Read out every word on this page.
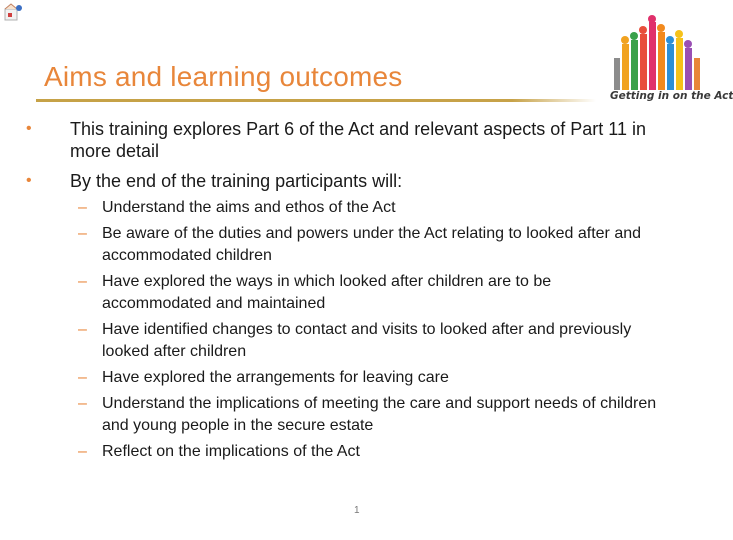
Aims and learning outcomes
Getting in on the Act
• This training explores Part 6 of the Act and relevant aspects of Part 11 in more detail
• By the end of the training participants will:
– Understand the aims and ethos of the Act
– Be aware of the duties and powers under the Act relating to looked after and accommodated children
– Have explored the ways in which looked after children are to be accommodated and maintained
– Have identified changes to contact and visits to looked after and previously looked after children
– Have explored the arrangements for leaving care
– Understand the implications of meeting the care and support needs of children and young people in the secure estate
– Reflect on the implications of the Act
1
